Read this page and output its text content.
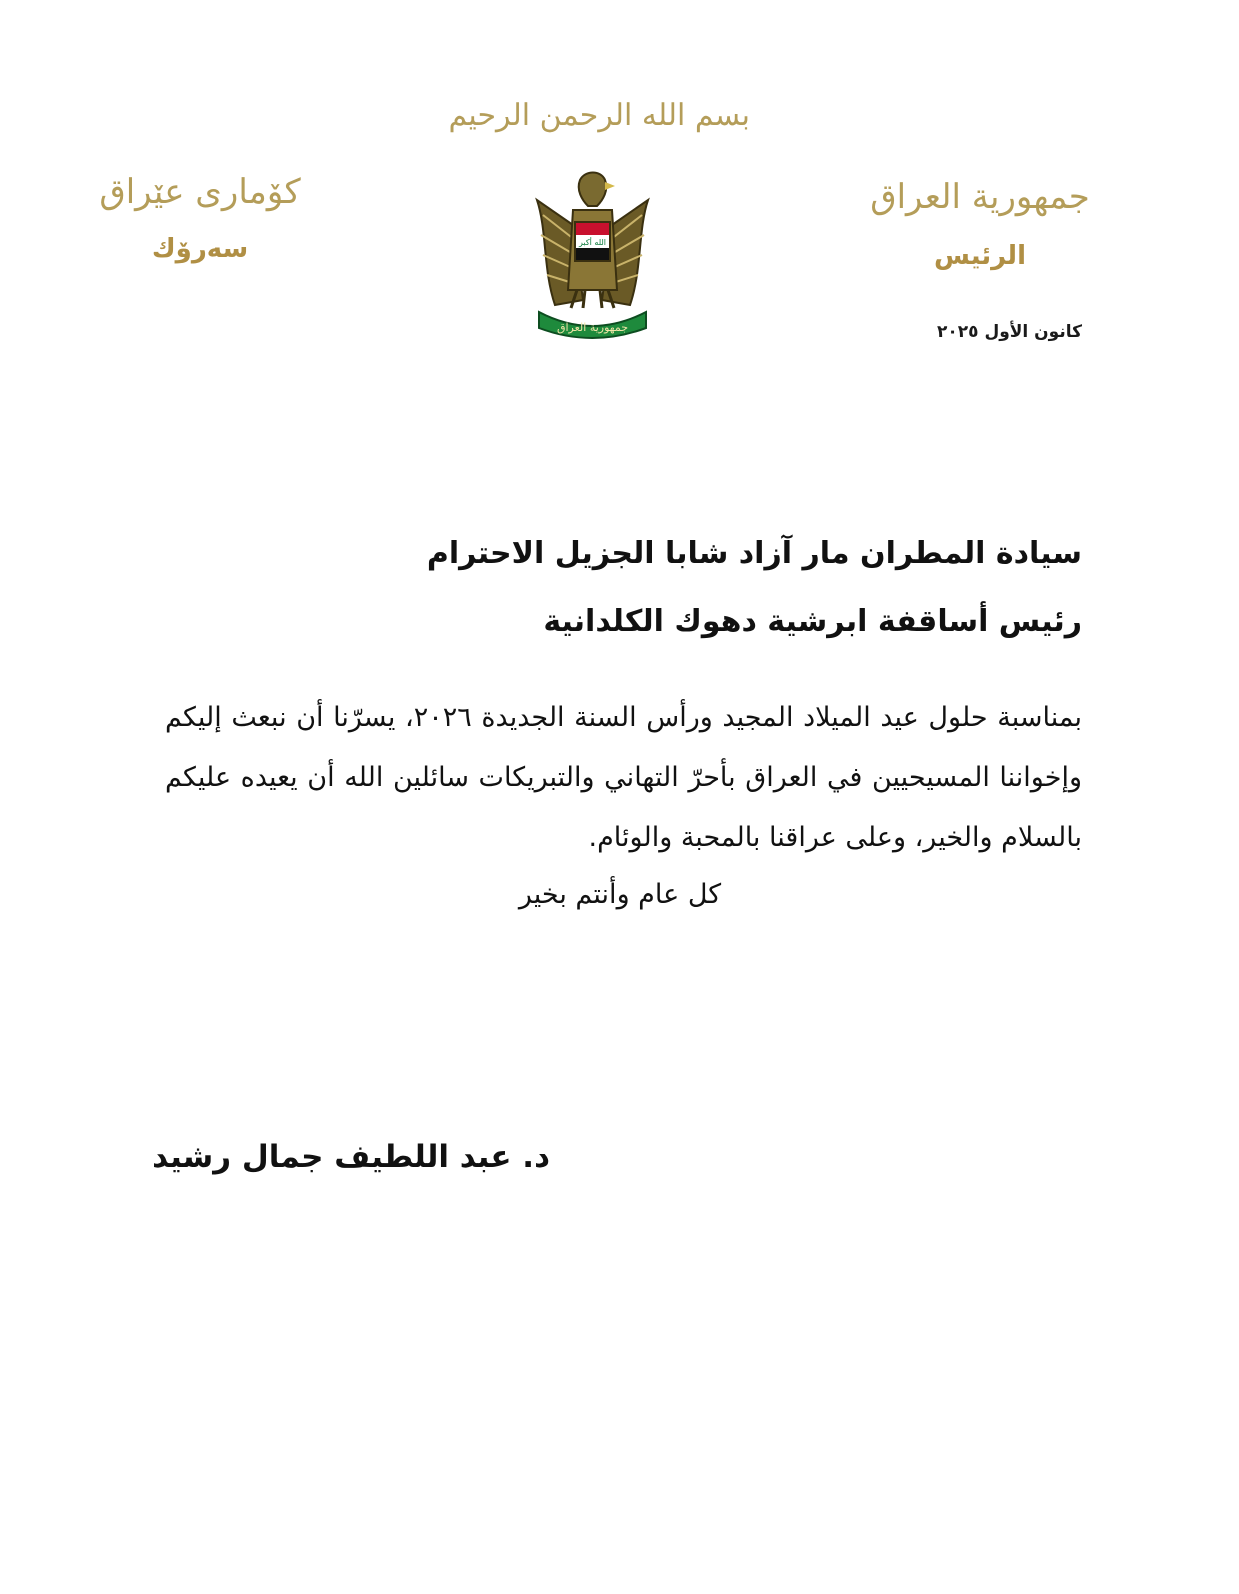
بسم الله الرحمن الرحيم
كۆماری عێراق
سەرۆك	الله أكبر
جمهورية العراق
جمهورية العراق
الرئيس
كانون الأول ٢٠٢٥
سيادة المطران مار آزاد شابا الجزيل الاحترام
رئيس أساقفة ابرشية دهوك الكلدانية
بمناسبة حلول عيد الميلاد المجيد ورأس السنة الجديدة ٢٠٢٦، يسرّنا أن نبعث إليكم وإخواننا المسيحيين في العراق بأحرّ التهاني والتبريكات سائلين الله أن يعيده عليكم بالسلام والخير، وعلى عراقنا بالمحبة والوئام.
كل عام وأنتم بخير
د. عبد اللطيف جمال رشيد
